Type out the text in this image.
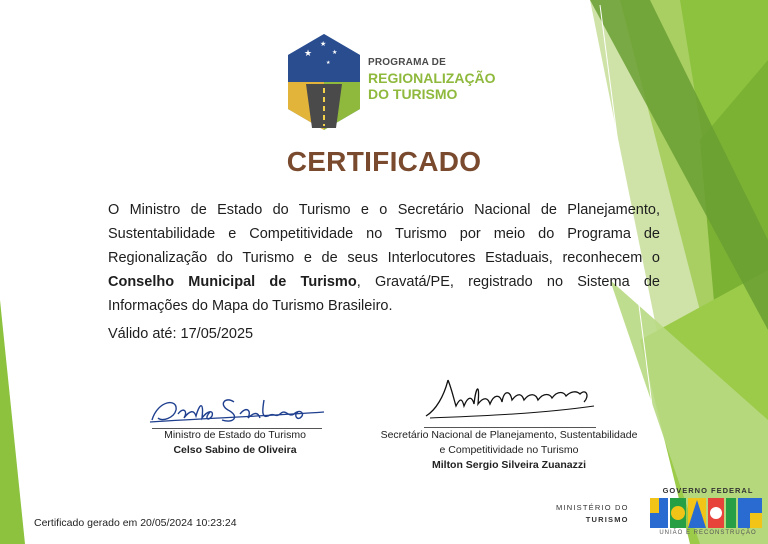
★
★
★
★	PROGRAMA DE
REGIONALIZAÇÃO
DO TURISMO
CERTIFICADO
O Ministro de Estado do Turismo e o Secretário Nacional de Planejamento, Sustentabilidade e Competitividade no Turismo por meio do Programa de Regionalização do Turismo e de seus Interlocutores Estaduais, reconhecem o Conselho Municipal de Turismo, Gravatá/PE, registrado no Sistema de Informações do Mapa do Turismo Brasileiro.
Válido até: 17/05/2025
Ministro de Estado do Turismo
Celso Sabino de Oliveira
Secretário Nacional de Planejamento, Sustentabilidade
e Competitividade no Turismo
Milton Sergio Silveira Zuanazzi
Certificado gerado em 20/05/2024 10:23:24
MINISTÉRIO DO
TURISMO
GOVERNO FEDERAL
UNIÃO E RECONSTRUÇÃO
